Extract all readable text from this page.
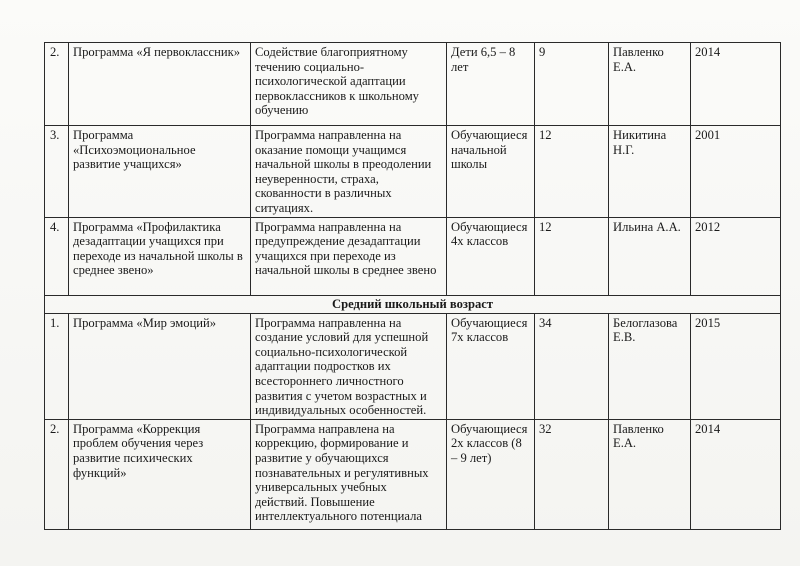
2.	Программа «Я первоклассник»	Содействие благоприятному течению социально-психологической адаптации первоклассников к школьному обучению	Дети 6,5 – 8 лет	9	Павленко Е.А.	2014
3.	Программа «Психоэмоциональное развитие учащихся»	Программа направленна на оказание помощи учащимся начальной школы в преодолении неуверенности, страха, скованности в различных ситуациях.	Обучающиеся начальной школы	12	Никитина Н.Г.	2001
4.	Программа «Профилактика дезадаптации учащихся при переходе из начальной школы в среднее звено»	Программа направленна на предупреждение дезадаптации учащихся при переходе из начальной школы в среднее звено	Обучающиеся 4х классов	12	Ильина А.А.	2012
Средний школьный возраст						
1.	Программа «Мир эмоций»	Программа направленна на создание условий для успешной социально-психологической адаптации подростков их всестороннего личностного развития с учетом возрастных и индивидуальных особенностей.	Обучающиеся 7х классов	34	Белоглазова Е.В.	2015
2.	Программа «Коррекция проблем обучения через развитие психических функций»	Программа направлена на коррекцию, формирование и развитие у обучающихся познавательных и регулятивных универсальных учебных действий. Повышение интеллектуального потенциала	Обучающиеся 2х классов (8 – 9 лет)	32	Павленко Е.А.	2014
